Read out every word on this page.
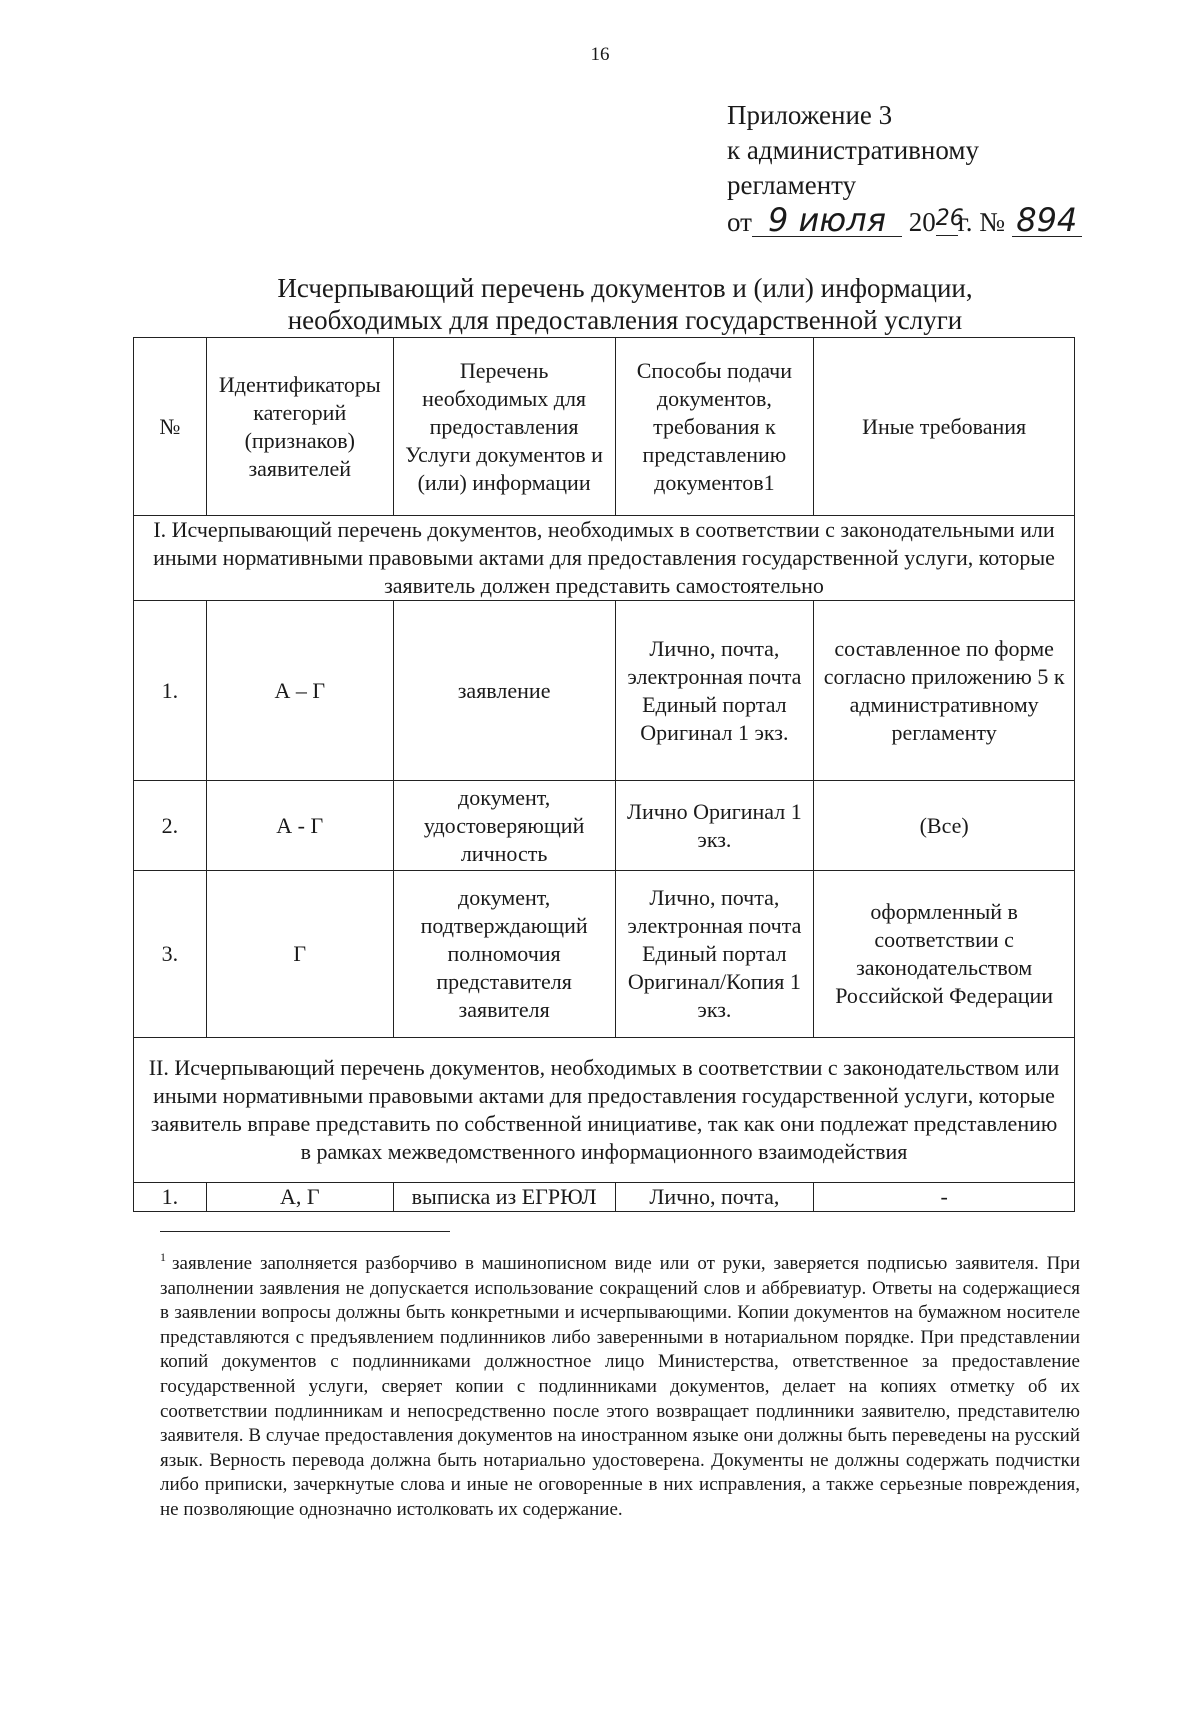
16
Приложение 3
к административному
регламенту
от 9 июля 2026г. № 894
Исчерпывающий перечень документов и (или) информации,
необходимых для предоставления государственной услуги
№	Идентификаторы категорий (признаков) заявителей	Перечень необходимых для предоставления Услуги документов и (или) информации	Способы подачи документов, требования к представлению документов1	Иные требования
I. Исчерпывающий перечень документов, необходимых в соответствии с законодательными или иными нормативными правовыми актами для предоставления государственной услуги, которые заявитель должен представить самостоятельно				
1.	А – Г	заявление	Лично, почта, электронная почта Единый портал Оригинал 1 экз.	составленное по форме согласно приложению 5 к административному регламенту
2.	А - Г	документ, удостоверяющий личность	Лично Оригинал 1 экз.	(Все)
3.	Г	документ, подтверждающий полномочия представителя заявителя	Лично, почта, электронная почта Единый портал Оригинал/Копия 1 экз.	оформленный в соответствии с законодательством Российской Федерации
II. Исчерпывающий перечень документов, необходимых в соответствии с законодательством или иными нормативными правовыми актами для предоставления государственной услуги, которые заявитель вправе представить по собственной инициативе, так как они подлежат представлению в рамках межведомственного информационного взаимодействия				
1.	А, Г	выписка из ЕГРЮЛ	Лично, почта,	-
$^1$ заявление заполняется разборчиво в машинописном виде или от руки, заверяется подписью заявителя. При заполнении заявления не допускается использование сокращений слов и аббревиатур. Ответы на содержащиеся в заявлении вопросы должны быть конкретными и исчерпывающими. Копии документов на бумажном носителе представляются с предъявлением подлинников либо заверенными в нотариальном порядке. При представлении копий документов с подлинниками должностное лицо Министерства, ответственное за предоставление государственной услуги, сверяет копии с подлинниками документов, делает на копиях отметку об их соответствии подлинникам и непосредственно после этого возвращает подлинники заявителю, представителю заявителя. В случае предоставления документов на иностранном языке они должны быть переведены на русский язык. Верность перевода должна быть нотариально удостоверена. Документы не должны содержать подчистки либо приписки, зачеркнутые слова и иные не оговоренные в них исправления, а также серьезные повреждения, не позволяющие однозначно истолковать их содержание.
